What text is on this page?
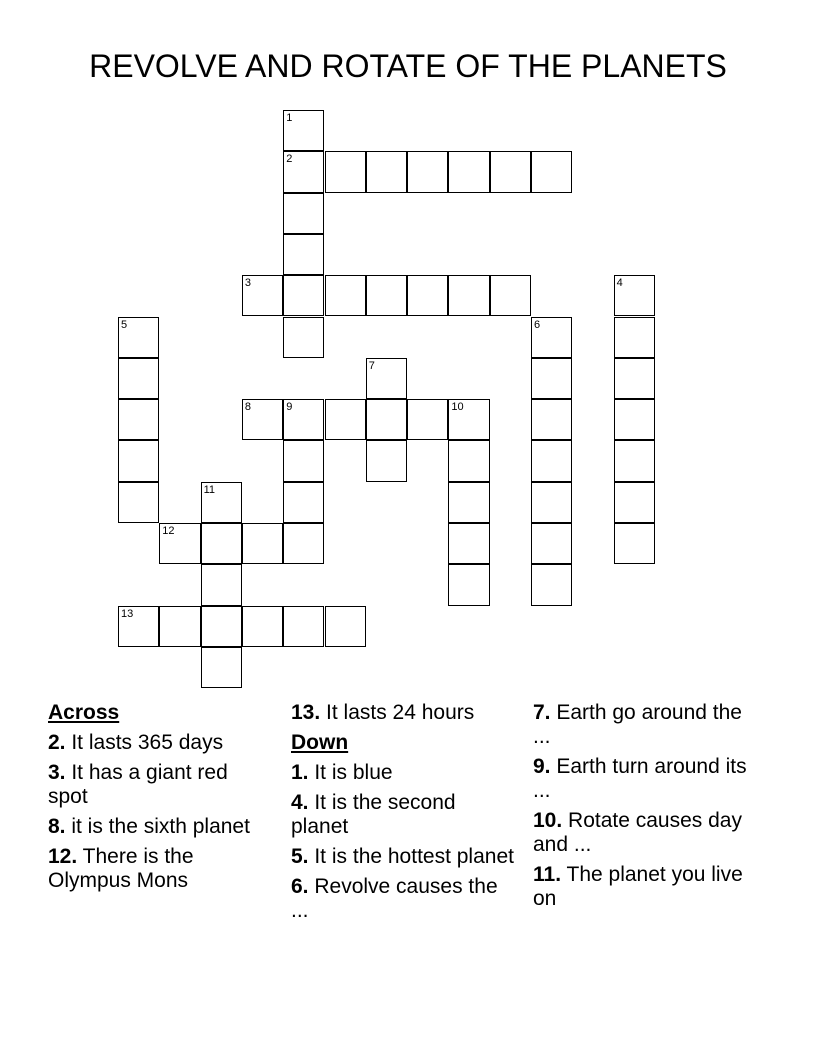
REVOLVE AND ROTATE OF THE PLANETS
1
2
3	4
5	6
7
8	9	10
11
12
13
Across
2. It lasts 365 days
3. It has a giant red spot
8. it is the sixth planet
12. There is the Olympus Mons
13. It lasts 24 hours
Down
1. It is blue
4. It is the second planet
5. It is the hottest planet
6. Revolve causes the ...
7. Earth go around the ...
9. Earth turn around its ...
10. Rotate causes day and ...
11. The planet you live on
